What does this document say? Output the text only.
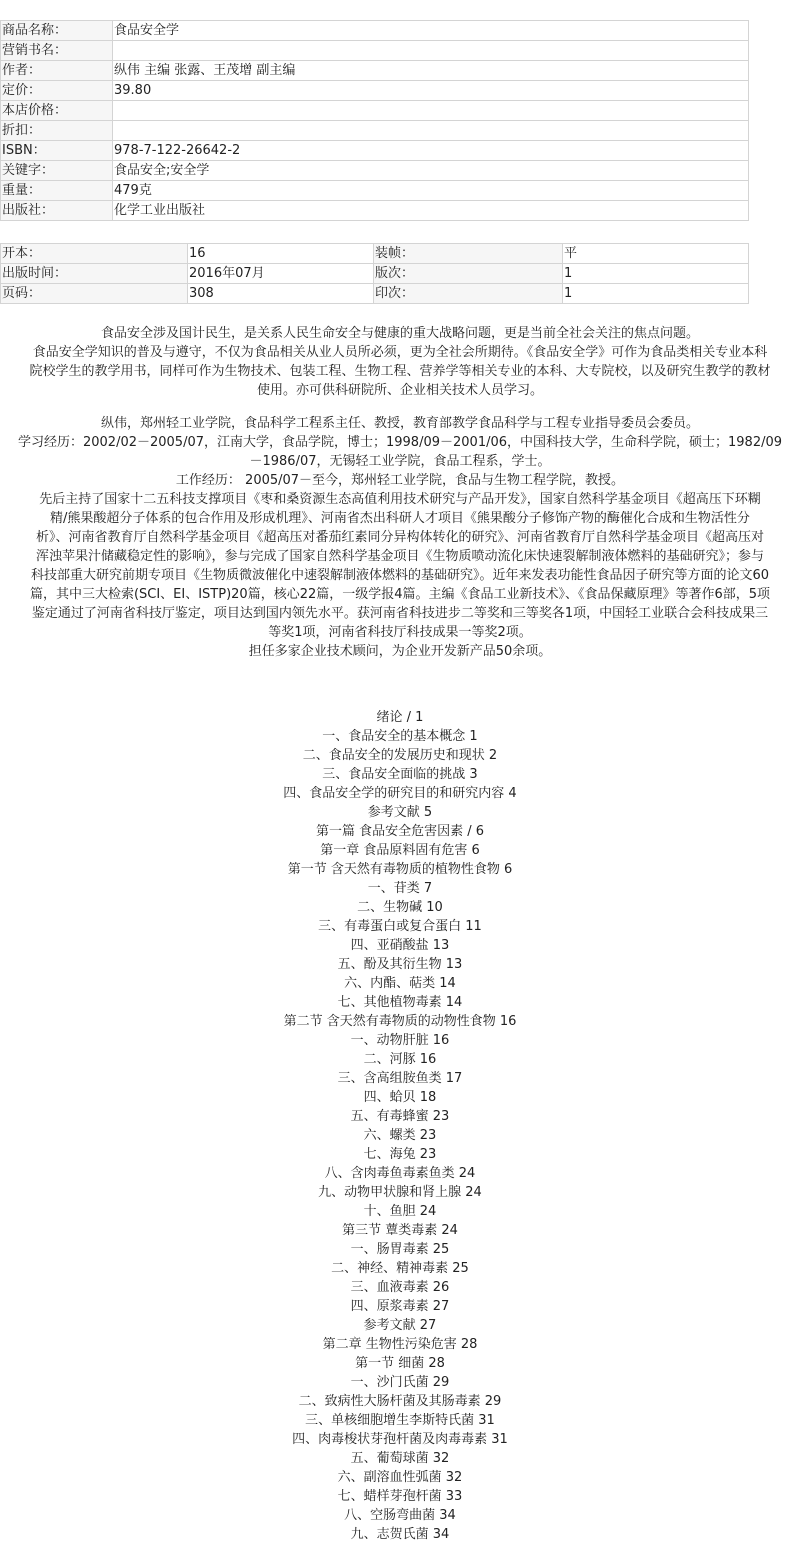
商品名称：	食品安全学
营销书名：	
作者：	纵伟 主编 张露、王茂增 副主编
定价：	39.80
本店价格：	
折扣：	
ISBN：	978-7-122-26642-2
关键字：	食品安全;安全学
重量：	479克
出版社：	化学工业出版社
开本：	16	装帧：	平
出版时间：	2016年07月	版次：	1
页码：	308	印次：	1
食品安全涉及国计民生，是关系人民生命安全与健康的重大战略问题，更是当前全社会关注的焦点问题。
食品安全学知识的普及与遵守，不仅为食品相关从业人员所必须，更为全社会所期待。《食品安全学》可作为食品类相关专业本科
院校学生的教学用书，同样可作为生物技术、包装工程、生物工程、营养学等相关专业的本科、大专院校，以及研究生教学的教材
使用。亦可供科研院所、企业相关技术人员学习。
纵伟，郑州轻工业学院，食品科学工程系主任、教授，教育部教学食品科学与工程专业指导委员会委员。
学习经历：2002/02－2005/07，江南大学，食品学院，博士；1998/09－2001/06，中国科技大学，生命科学院，硕士；1982/09
－1986/07，无锡轻工业学院，食品工程系，学士。
工作经历： 2005/07－至今，郑州轻工业学院，食品与生物工程学院，教授。
先后主持了国家十二五科技支撑项目《枣和桑资源生态高值利用技术研究与产品开发》，国家自然科学基金项目《超高压下环糊
精/熊果酸超分子体系的包合作用及形成机理》、河南省杰出科研人才项目《熊果酸分子修饰产物的酶催化合成和生物活性分
析》、河南省教育厅自然科学基金项目《超高压对番茄红素同分异构体转化的研究》、河南省教育厅自然科学基金项目《超高压对
浑浊苹果汁储藏稳定性的影响》，参与完成了国家自然科学基金项目《生物质喷动流化床快速裂解制液体燃料的基础研究》；参与
科技部重大研究前期专项目《生物质微波催化中速裂解制液体燃料的基础研究》。近年来发表功能性食品因子研究等方面的论文60
篇，其中三大检索(SCI、EI、ISTP)20篇，核心22篇，一级学报4篇。主编《食品工业新技术》、《食品保藏原理》等著作6部，5项
鉴定通过了河南省科技厅鉴定，项目达到国内领先水平。获河南省科技进步二等奖和三等奖各1项，中国轻工业联合会科技成果三
等奖1项，河南省科技厅科技成果一等奖2项。
担任多家企业技术顾问，为企业开发新产品50余项。
绪论 / 1
一、食品安全的基本概念 1
二、食品安全的发展历史和现状 2
三、食品安全面临的挑战 3
四、食品安全学的研究目的和研究内容 4
参考文献 5
第一篇 食品安全危害因素 / 6
第一章 食品原料固有危害 6
第一节 含天然有毒物质的植物性食物 6
一、苷类 7
二、生物碱 10
三、有毒蛋白或复合蛋白 11
四、亚硝酸盐 13
五、酚及其衍生物 13
六、内酯、萜类 14
七、其他植物毒素 14
第二节 含天然有毒物质的动物性食物 16
一、动物肝脏 16
二、河豚 16
三、含高组胺鱼类 17
四、蛤贝 18
五、有毒蜂蜜 23
六、螺类 23
七、海兔 23
八、含肉毒鱼毒素鱼类 24
九、动物甲状腺和肾上腺 24
十、鱼胆 24
第三节 蕈类毒素 24
一、肠胃毒素 25
二、神经、精神毒素 25
三、血液毒素 26
四、原浆毒素 27
参考文献 27
第二章 生物性污染危害 28
第一节 细菌 28
一、沙门氏菌 29
二、致病性大肠杆菌及其肠毒素 29
三、单核细胞增生李斯特氏菌 31
四、肉毒梭状芽孢杆菌及肉毒毒素 31
五、葡萄球菌 32
六、副溶血性弧菌 32
七、蜡样芽孢杆菌 33
八、空肠弯曲菌 34
九、志贺氏菌 34
